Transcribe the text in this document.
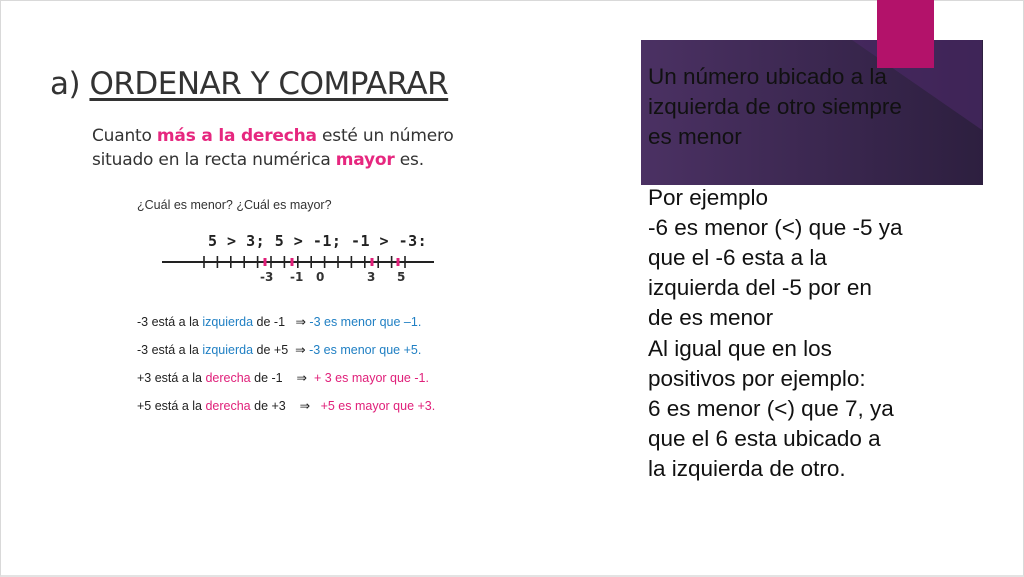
a) ORDENAR Y COMPARAR
Cuanto más a la derecha esté un número
situado en la recta numérica mayor es.
¿Cuál es menor? ¿Cuál es mayor?
5 > 3; 5 > -1; -1 > -3:
-3 -1 0	3 5
-3 está a la izquierda de -1 ⇒ -3 es menor que –1.
-3 está a la izquierda de +5 ⇒ -3 es menor que +5.
+3 está a la derecha de -1 ⇒ + 3 es mayor que -1.
+5 está a la derecha de +3 ⇒ +5 es mayor que +3.
Un número ubicado a la
izquierda de otro siempre
es menor
Por ejemplo
-6 es menor (<) que -5 ya
que el -6 esta a la
izquierda del -5 por en
de es menor
Al igual que en los
positivos por ejemplo:
6 es menor (<) que 7, ya
que el 6 esta ubicado a
la izquierda de otro.
